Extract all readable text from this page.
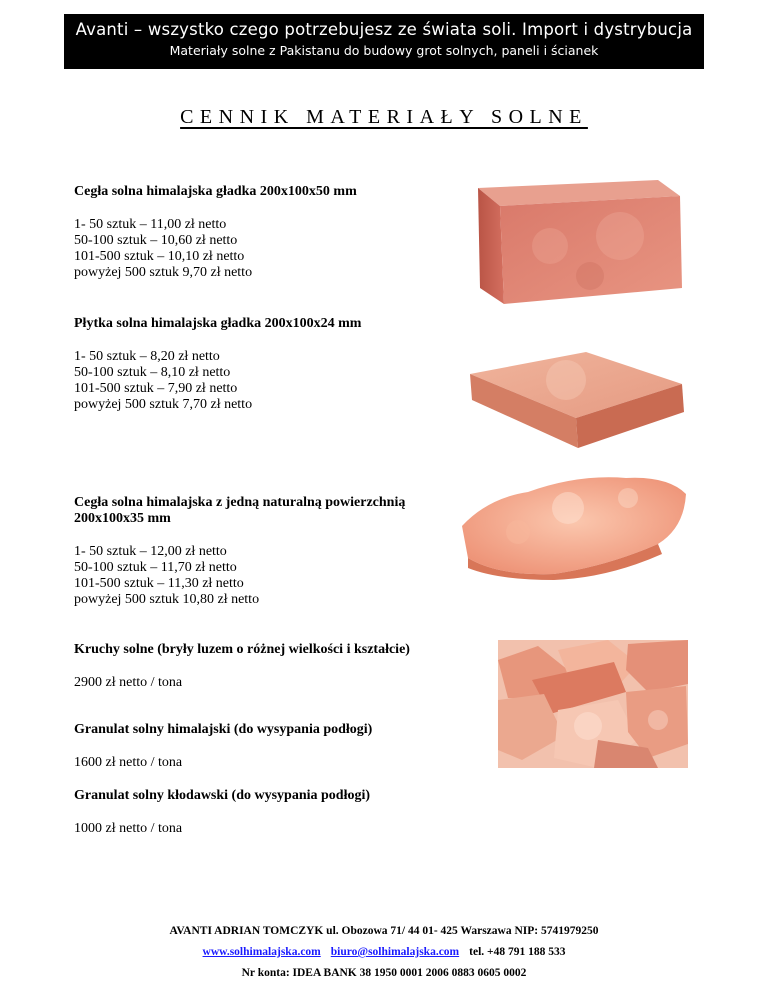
Avanti – wszystko czego potrzebujesz ze świata soli. Import i dystrybucja
Materiały solne z Pakistanu do budowy grot solnych, paneli i ścianek
CENNIK MATERIAŁY SOLNE
Cegła solna himalajska gładka 200x100x50 mm
1- 50 sztuk – 11,00 zł netto
50-100 sztuk – 10,60 zł netto
101-500 sztuk – 10,10 zł netto
powyżej 500 sztuk 9,70 zł netto
Płytka solna himalajska gładka 200x100x24 mm
1- 50 sztuk – 8,20 zł netto
50-100 sztuk – 8,10 zł netto
101-500 sztuk – 7,90 zł netto
powyżej 500 sztuk 7,70 zł netto
Cegła solna himalajska z jedną naturalną powierzchnią
200x100x35 mm
1- 50 sztuk – 12,00 zł netto
50-100 sztuk – 11,70 zł netto
101-500 sztuk – 11,30 zł netto
powyżej 500 sztuk 10,80 zł netto
Kruchy solne (bryły luzem o różnej wielkości i kształcie)
2900 zł netto / tona
Granulat solny himalajski (do wysypania podłogi)
1600 zł netto / tona
Granulat solny kłodawski (do wysypania podłogi)
1000 zł netto / tona
AVANTI ADRIAN TOMCZYK ul. Obozowa 71/ 44 01- 425 Warszawa NIP: 5741979250
www.solhimalajska.com biuro@solhimalajska.com tel. +48 791 188 533
Nr konta: IDEA BANK 38 1950 0001 2006 0883 0605 0002
